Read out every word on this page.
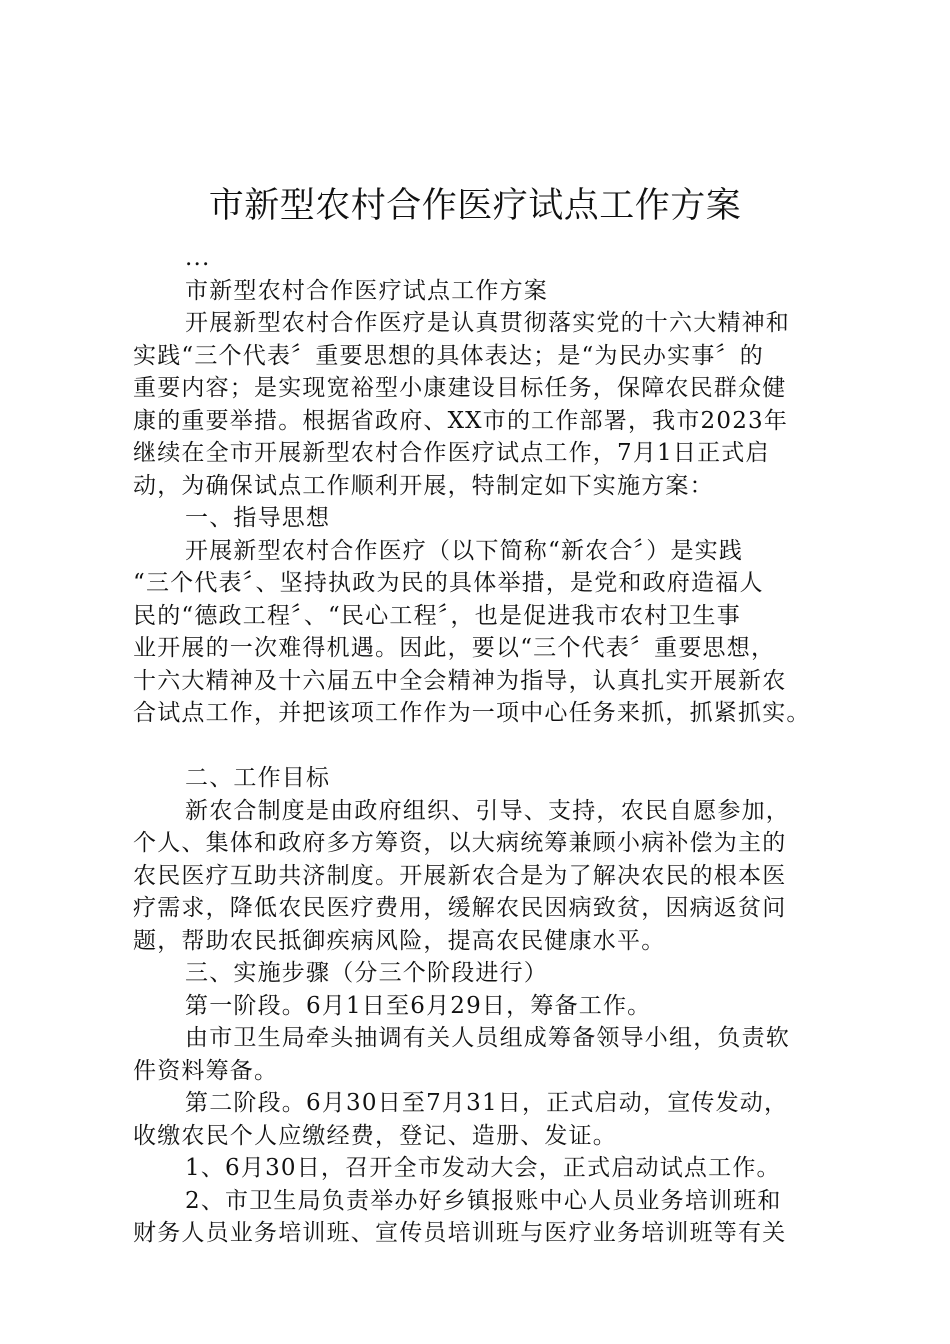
市新型农村合作医疗试点工作方案
...
市新型农村合作医疗试点工作方案
开展新型农村合作医疗是认真贯彻落实党的十六大精神和
实践“三个代表〞重要思想的具体表达；是“为民办实事〞的
重要内容；是实现宽裕型小康建设目标任务，保障农民群众健
康的重要举措。根据省政府、XX市的工作部署，我市2023年
继续在全市开展新型农村合作医疗试点工作，7月1日正式启
动，为确保试点工作顺利开展，特制定如下实施方案：
一、指导思想
开展新型农村合作医疗（以下简称“新农合〞）是实践
“三个代表〞、坚持执政为民的具体举措，是党和政府造福人
民的“德政工程〞、“民心工程〞，也是促进我市农村卫生事
业开展的一次难得机遇。因此，要以“三个代表〞重要思想，
十六大精神及十六届五中全会精神为指导，认真扎实开展新农
合试点工作，并把该项工作作为一项中心任务来抓，抓紧抓实。
二、工作目标
新农合制度是由政府组织、引导、支持，农民自愿参加，
个人、集体和政府多方筹资，以大病统筹兼顾小病补偿为主的
农民医疗互助共济制度。开展新农合是为了解决农民的根本医
疗需求，降低农民医疗费用，缓解农民因病致贫，因病返贫问
题，帮助农民抵御疾病风险，提高农民健康水平。
三、实施步骤（分三个阶段进行）
第一阶段。6月1日至6月29日，筹备工作。
由市卫生局牵头抽调有关人员组成筹备领导小组，负责软
件资料筹备。
第二阶段。6月30日至7月31日，正式启动，宣传发动，
收缴农民个人应缴经费，登记、造册、发证。
1、6月30日，召开全市发动大会，正式启动试点工作。
2、市卫生局负责举办好乡镇报账中心人员业务培训班和
财务人员业务培训班、宣传员培训班与医疗业务培训班等有关
